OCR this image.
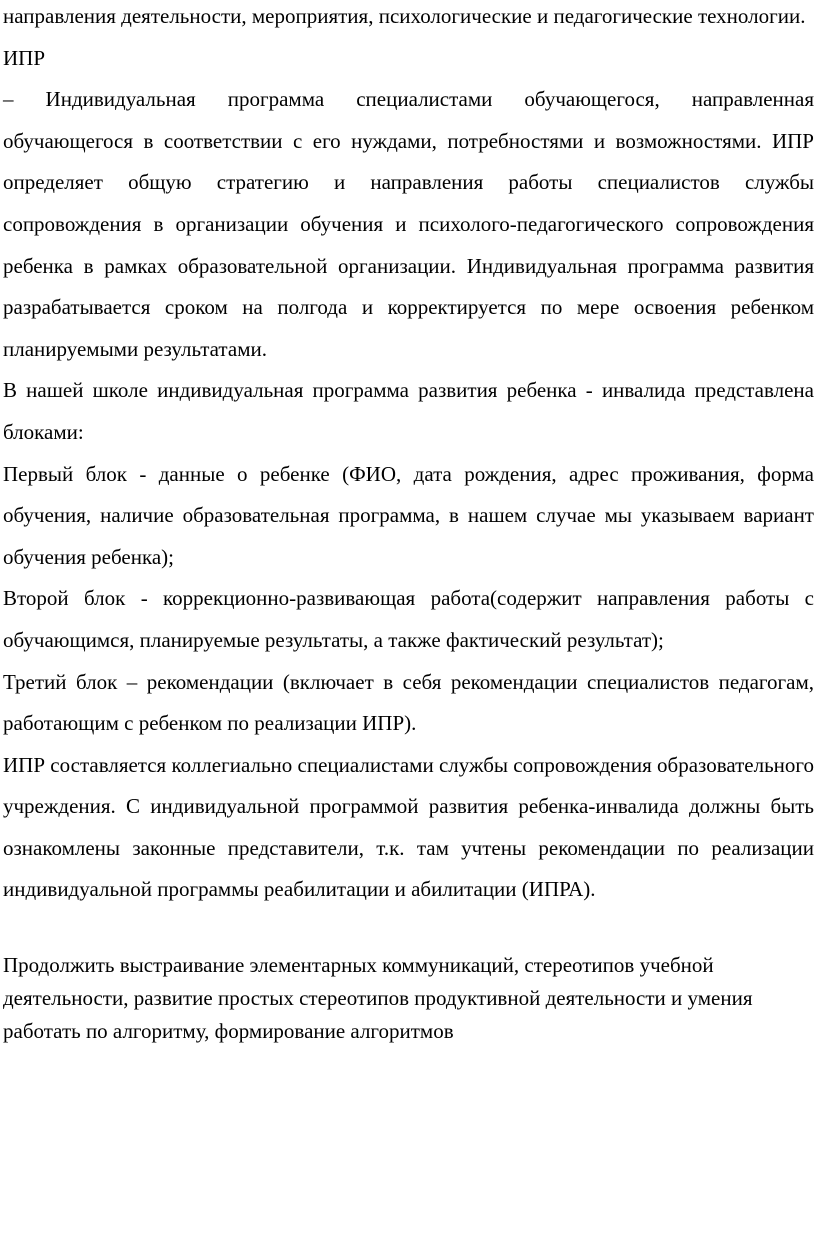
направления деятельности, мероприятия, психологические и педагогические технологии.

ИПР

– Индивидуальная программа специалистами обучающегося, направленная обучающегося в соответствии с его нуждами, потребностями и возможностями. ИПР определяет общую стратегию и направления работы специалистов службы сопровождения в организации обучения и психолого-педагогического сопровождения ребенка в рамках образовательной организации. Индивидуальная программа развития разрабатывается сроком на полгода и корректируется по мере освоения ребенком планируемыми результатами.

В нашей школе индивидуальная программа развития ребенка - инвалида представлена блоками:

Первый блок - данные о ребенке (ФИО, дата рождения, адрес проживания, форма обучения, наличие образовательная программа, в нашем случае мы указываем вариант обучения ребенка);

Второй блок - коррекционно-развивающая работа(содержит направления работы с обучающимся, планируемые результаты, а также фактический результат);

Третий блок – рекомендации (включает в себя рекомендации специалистов педагогам, работающим с ребенком по реализации ИПР).

ИПР составляется коллегиально специалистами службы сопровождения образовательного учреждения. С индивидуальной программой развития ребенка-инвалида должны быть ознакомлены законные представители, т.к. там учтены рекомендации по реализации индивидуальной программы реабилитации и абилитации (ИПРА).

Продолжить выстраивание элементарных коммуникаций, стереотипов учебной деятельности, развитие простых стереотипов продуктивной деятельности и умения работать по алгоритму, формирование алгоритмов
